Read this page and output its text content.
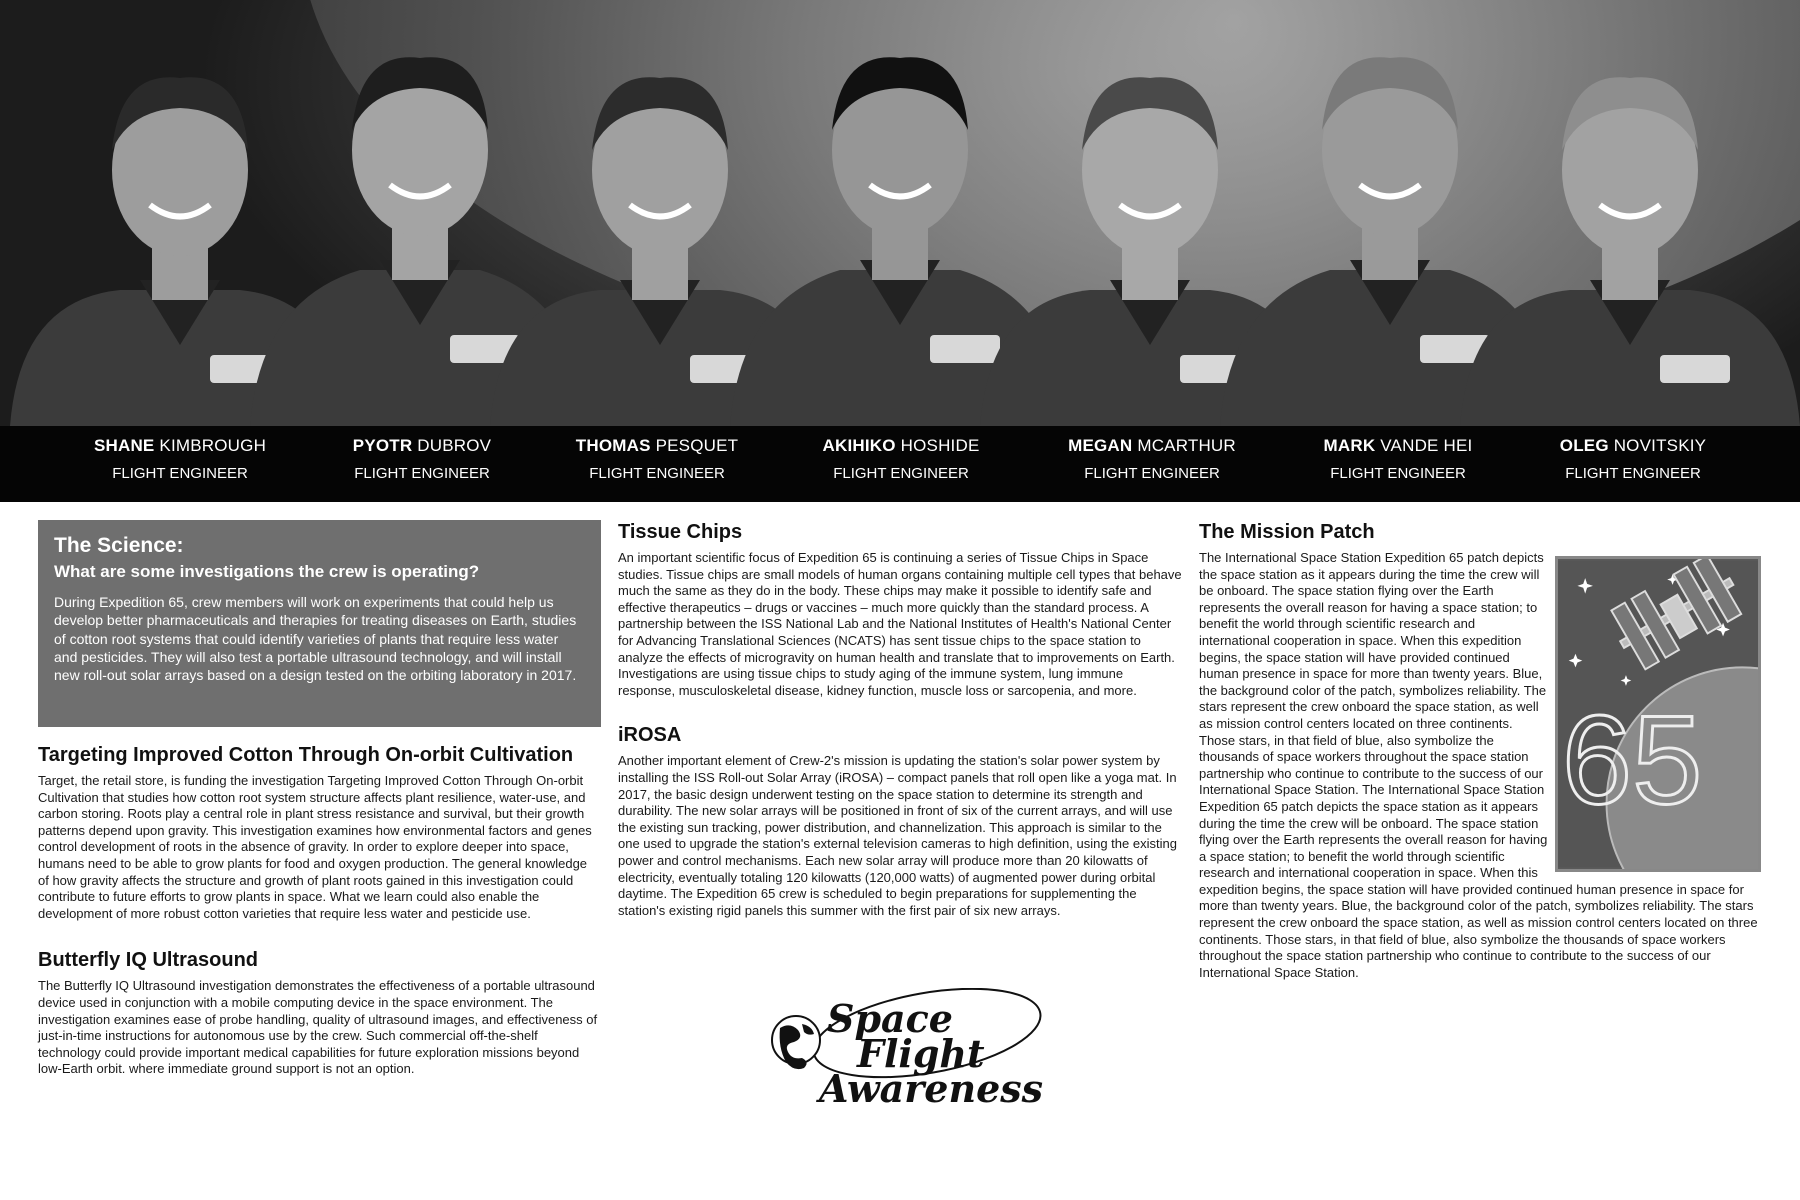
SHANE KIMBROUGH
FLIGHT ENGINEER
PYOTR DUBROV
FLIGHT ENGINEER
THOMAS PESQUET
FLIGHT ENGINEER
AKIHIKO HOSHIDE
FLIGHT ENGINEER
MEGAN MCARTHUR
FLIGHT ENGINEER
MARK VANDE HEI
FLIGHT ENGINEER
OLEG NOVITSKIY
FLIGHT ENGINEER
The Science:
What are some investigations the crew is operating?
During Expedition 65, crew members will work on experiments that could help us develop better pharmaceuticals and therapies for treating diseases on Earth, studies of cotton root systems that could identify varieties of plants that require less water and pesticides. They will also test a portable ultrasound technology, and will install new roll-out solar arrays based on a design tested on the orbiting laboratory in 2017.
Targeting Improved Cotton Through On-orbit Cultivation

Target, the retail store, is funding the investigation Targeting Improved Cotton Through On-orbit Cultivation that studies how cotton root system structure affects plant resilience, water-use, and carbon storing. Roots play a central role in plant stress resistance and survival, but their growth patterns depend upon gravity. This investigation examines how environmental factors and genes control development of roots in the absence of gravity. In order to explore deeper into space, humans need to be able to grow plants for food and oxygen production. The general knowledge of how gravity affects the structure and growth of plant roots gained in this investigation could contribute to future efforts to grow plants in space. What we learn could also enable the development of more robust cotton varieties that require less water and pesticide use.

Butterfly IQ Ultrasound

The Butterfly IQ Ultrasound investigation demonstrates the effectiveness of a portable ultrasound device used in conjunction with a mobile computing device in the space environment. The investigation examines ease of probe handling, quality of ultrasound images, and effectiveness of just-in-time instructions for autonomous use by the crew. Such commercial off-the-shelf technology could provide important medical capabilities for future exploration missions beyond low-Earth orbit. where immediate ground support is not an option.

Tissue Chips

An important scientific focus of Expedition 65 is continuing a series of Tissue Chips in Space studies. Tissue chips are small models of human organs containing multiple cell types that behave much the same as they do in the body. These chips may make it possible to identify safe and effective therapeutics – drugs or vaccines – much more quickly than the standard process. A partnership between the ISS National Lab and the National Institutes of Health's National Center for Advancing Translational Sciences (NCATS) has sent tissue chips to the space station to analyze the effects of microgravity on human health and translate that to improvements on Earth. Investigations are using tissue chips to study aging of the immune system, lung immune response, musculoskeletal disease, kidney function, muscle loss or sarcopenia, and more.

iROSA

Another important element of Crew-2's mission is updating the station's solar power system by installing the ISS Roll-out Solar Array (iROSA) – compact panels that roll open like a yoga mat. In 2017, the basic design underwent testing on the space station to determine its strength and durability. The new solar arrays will be positioned in front of six of the current arrays, and will use the existing sun tracking, power distribution, and channelization. This approach is similar to the one used to upgrade the station's external television cameras to high definition, using the existing power and control mechanisms. Each new solar array will produce more than 20 kilowatts of electricity, eventually totaling 120 kilowatts (120,000 watts) of augmented power during orbital daytime. The Expedition 65 crew is scheduled to begin preparations for supplementing the station's existing rigid panels this summer with the first pair of six new arrays.

Space
Flight
Awareness
The Mission Patch
65

The International Space Station Expedition 65 patch depicts the space station as it appears during the time the crew will be onboard. The space station flying over the Earth represents the overall reason for having a space station; to benefit the world through scientific research and international cooperation in space. When this expedition begins, the space station will have provided continued human presence in space for more than twenty years. Blue, the background color of the patch, symbolizes reliability. The stars represent the crew onboard the space station, as well as mission control centers located on three continents. Those stars, in that field of blue, also symbolize the thousands of space workers throughout the space station partnership who continue to contribute to the success of our International Space Station. The International Space Station Expedition 65 patch depicts the space station as it appears during the time the crew will be onboard. The space station flying over the Earth represents the overall reason for having a space station; to benefit the world through scientific research and international cooperation in space. When this expedition begins, the space station will have provided continued human presence in space for more than twenty years. Blue, the background color of the patch, symbolizes reliability. The stars represent the crew onboard the space station, as well as mission control centers located on three continents. Those stars, in that field of blue, also symbolize the thousands of space workers throughout the space station partnership who continue to contribute to the success of our International Space Station.
